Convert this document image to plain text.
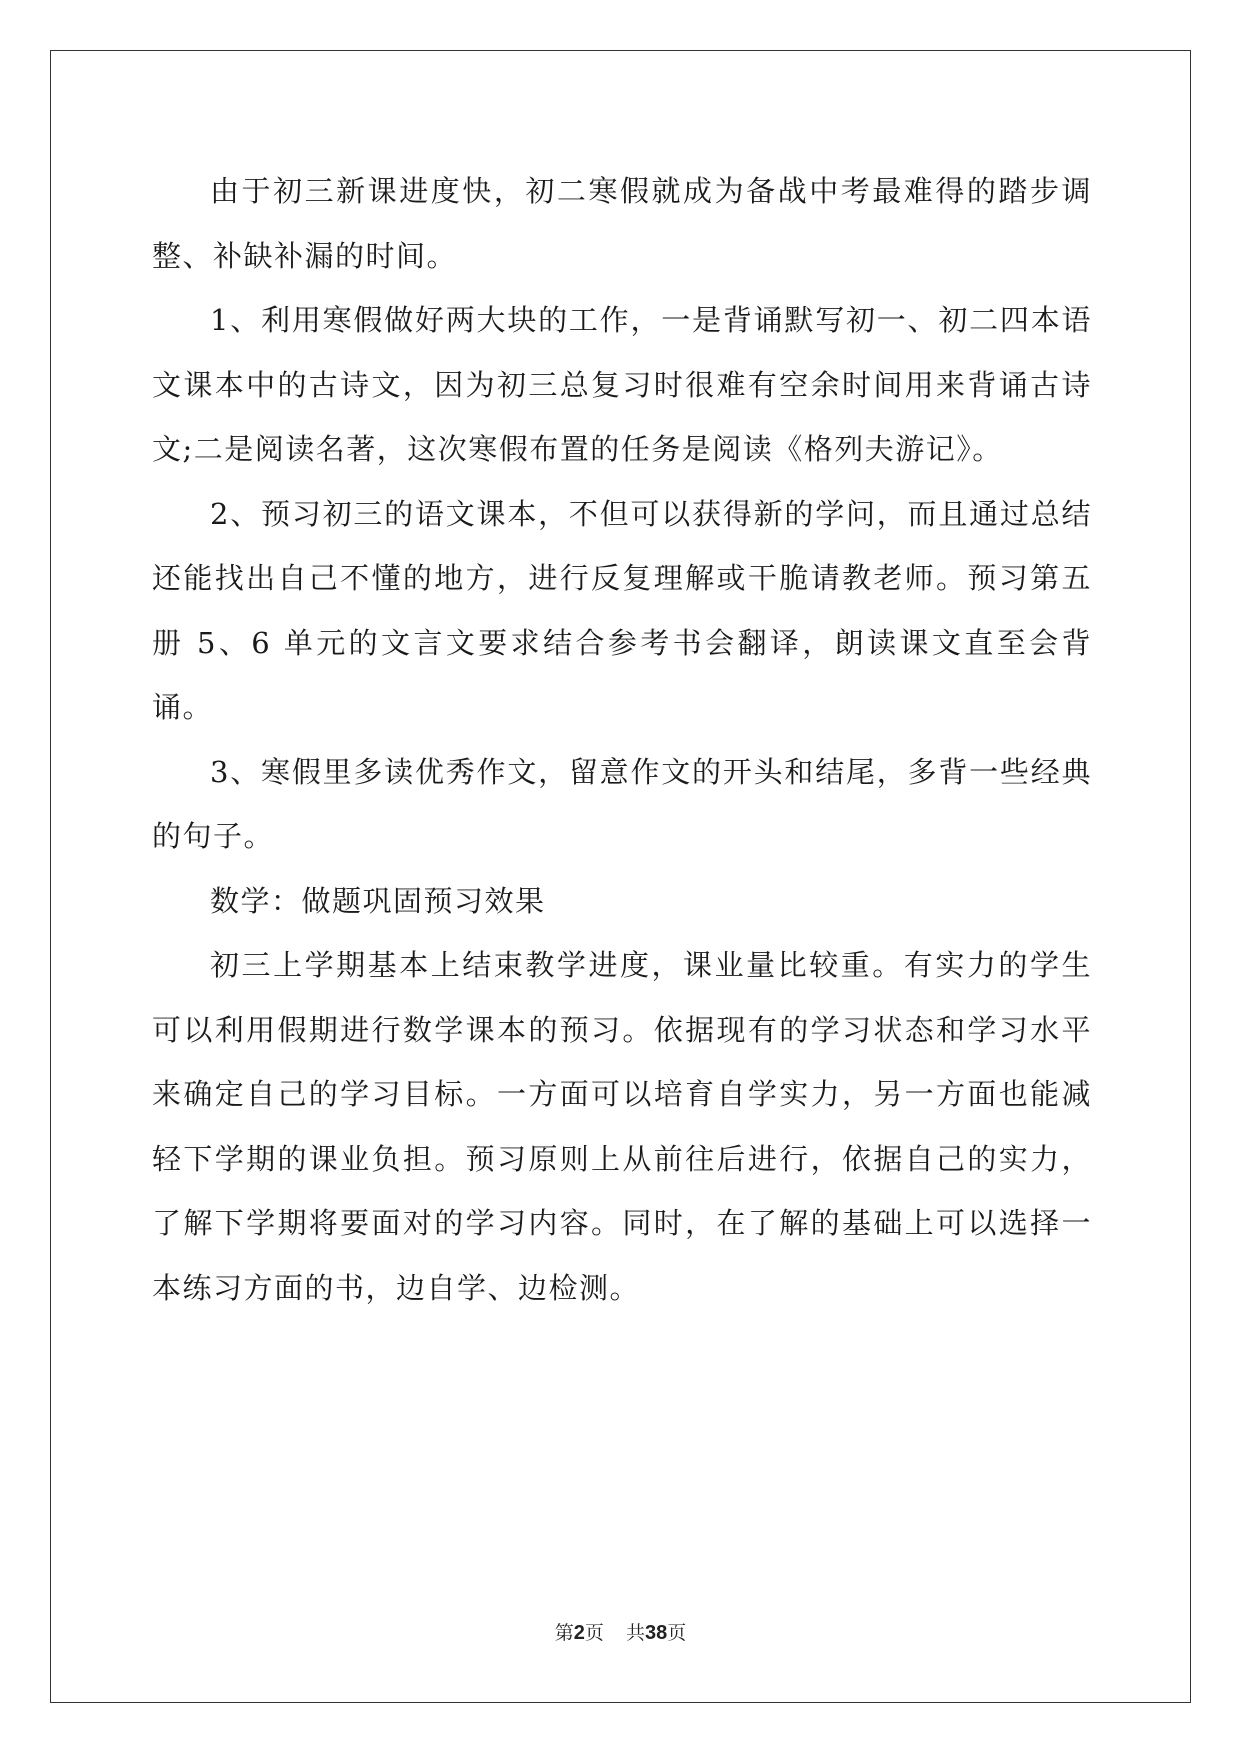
由于初三新课进度快，初二寒假就成为备战中考最难得的踏步调整、补缺补漏的时间。

1、利用寒假做好两大块的工作，一是背诵默写初一、初二四本语文课本中的古诗文，因为初三总复习时很难有空余时间用来背诵古诗文;二是阅读名著，这次寒假布置的任务是阅读《格列夫游记》。

2、预习初三的语文课本，不但可以获得新的学问，而且通过总结还能找出自己不懂的地方，进行反复理解或干脆请教老师。预习第五册 5、6 单元的文言文要求结合参考书会翻译，朗读课文直至会背诵。

3、寒假里多读优秀作文，留意作文的开头和结尾，多背一些经典的句子。

数学：做题巩固预习效果

初三上学期基本上结束教学进度，课业量比较重。有实力的学生可以利用假期进行数学课本的预习。依据现有的学习状态和学习水平来确定自己的学习目标。一方面可以培育自学实力，另一方面也能减轻下学期的课业负担。预习原则上从前往后进行，依据自己的实力，了解下学期将要面对的学习内容。同时，在了解的基础上可以选择一本练习方面的书，边自学、边检测。

第2页 共38页
